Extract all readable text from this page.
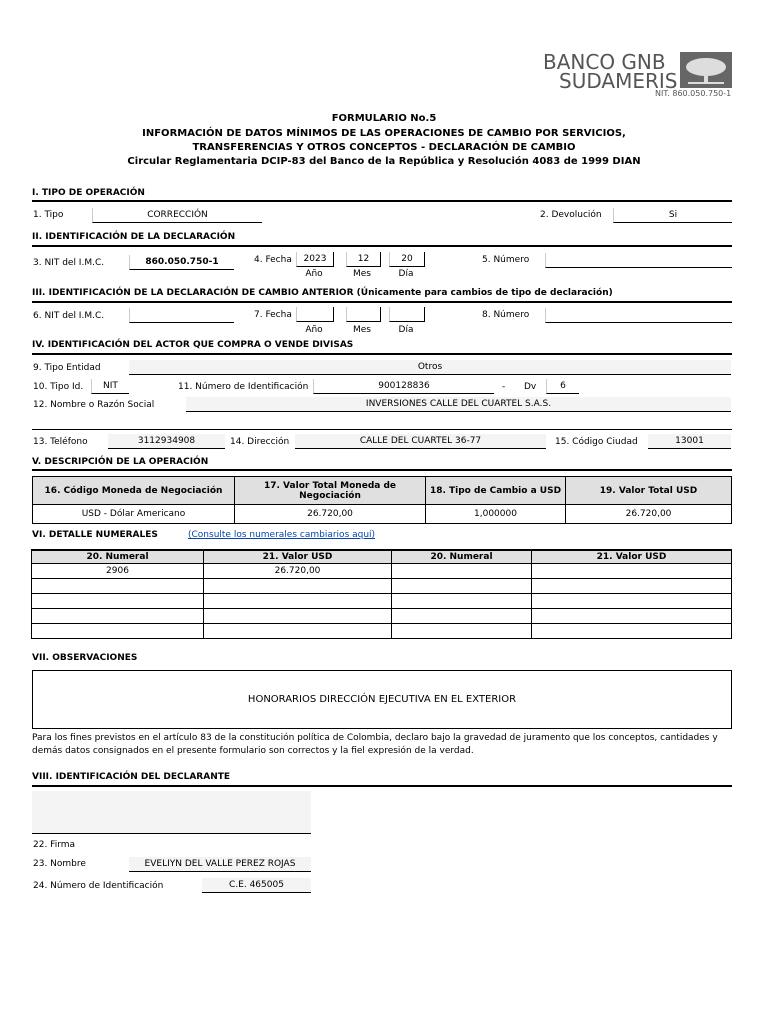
BANCO GNB
SUDAMERIS
NIT. 860.050.750-1
FORMULARIO No.5
INFORMACIÓN DE DATOS MÍNIMOS DE LAS OPERACIONES DE CAMBIO POR SERVICIOS,
TRANSFERENCIAS Y OTROS CONCEPTOS - DECLARACIÓN DE CAMBIO
Circular Reglamentaria DCIP-83 del Banco de la República y Resolución 4083 de 1999 DIAN
I. TIPO DE OPERACIÓN
1. Tipo	CORRECCIÓN	2. Devolución	Si
II. IDENTIFICACIÓN DE LA DECLARACIÓN
3. NIT del I.M.C.	860.050.750-1	4. Fecha	2023	12	20
Año	Mes	Día
5. Número
III. IDENTIFICACIÓN DE LA DECLARACIÓN DE CAMBIO ANTERIOR (Únicamente para cambios de tipo de declaración)
6. NIT del I.M.C.	7. Fecha
Año	Mes	Día
8. Número
IV. IDENTIFICACIÓN DEL ACTOR QUE COMPRA O VENDE DIVISAS
9. Tipo Entidad	Otros
10. Tipo Id.	NIT	11. Número de Identificación	900128836	- Dv	6
12. Nombre o Razón Social	INVERSIONES CALLE DEL CUARTEL S.A.S.
13. Teléfono	3112934908	14. Dirección	CALLE DEL CUARTEL 36-77	15. Código Ciudad	13001
V. DESCRIPCIÓN DE LA OPERACIÓN
16. Código Moneda de Negociación	17. Valor Total Moneda de Negociación	18. Tipo de Cambio a USD	19. Valor Total USD
USD - Dólar Americano	26.720,00	1,000000	26.720,00
VI. DETALLE NUMERALES	(Consulte los numerales cambiarios aquí)
20. Numeral	21. Valor USD	20. Numeral	21. Valor USD
2906	26.720,00		

VII. OBSERVACIONES
HONORARIOS DIRECCIÓN EJECUTIVA EN EL EXTERIOR
Para los fines previstos en el artículo 83 de la constitución política de Colombia, declaro bajo la gravedad de juramento que los conceptos, cantidades y
demás datos consignados en el presente formulario son correctos y la fiel expresión de la verdad.
VIII. IDENTIFICACIÓN DEL DECLARANTE
22. Firma
23. Nombre	EVELIYN DEL VALLE PEREZ ROJAS
24. Número de Identificación	C.E. 465005
